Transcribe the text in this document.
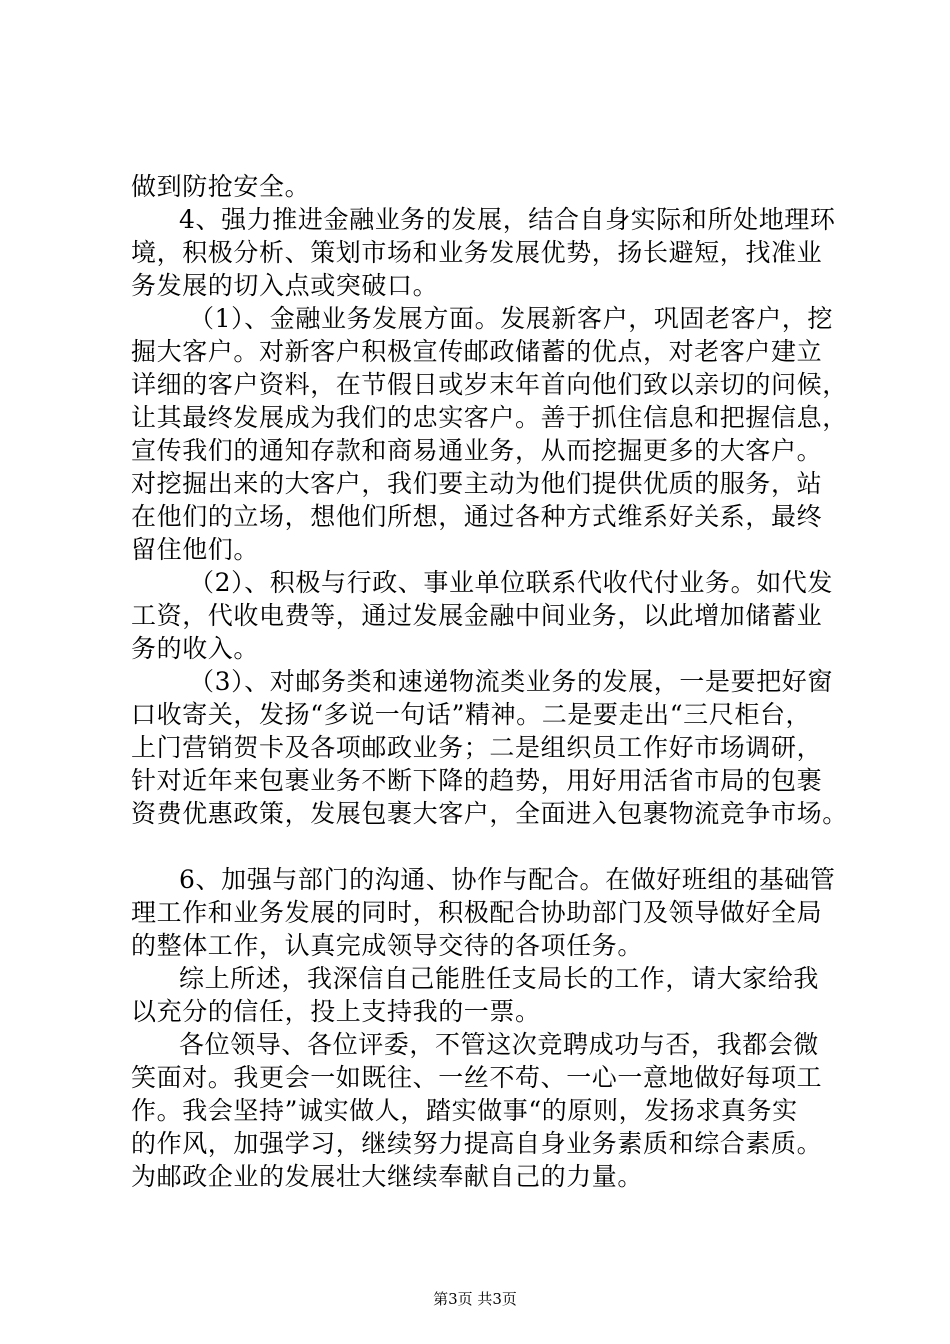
做到防抢安全。
4、强力推进金融业务的发展，结合自身实际和所处地理环
境，积极分析、策划市场和业务发展优势，扬长避短，找准业
务发展的切入点或突破口。
（1）、金融业务发展方面。发展新客户，巩固老客户，挖
掘大客户。对新客户积极宣传邮政储蓄的优点，对老客户建立
详细的客户资料，在节假日或岁末年首向他们致以亲切的问候，
让其最终发展成为我们的忠实客户。善于抓住信息和把握信息，
宣传我们的通知存款和商易通业务，从而挖掘更多的大客户。
对挖掘出来的大客户，我们要主动为他们提供优质的服务，站
在他们的立场，想他们所想，通过各种方式维系好关系，最终
留住他们。
（2）、积极与行政、事业单位联系代收代付业务。如代发
工资，代收电费等，通过发展金融中间业务，以此增加储蓄业
务的收入。
（3）、对邮务类和速递物流类业务的发展，一是要把好窗
口收寄关，发扬“多说一句话”精神。二是要走出“三尺柜台，
上门营销贺卡及各项邮政业务；二是组织员工作好市场调研，
针对近年来包裹业务不断下降的趋势，用好用活省市局的包裹
资费优惠政策，发展包裹大客户，全面进入包裹物流竞争市场。
6、加强与部门的沟通、协作与配合。在做好班组的基础管
理工作和业务发展的同时，积极配合协助部门及领导做好全局
的整体工作，认真完成领导交待的各项任务。
综上所述，我深信自己能胜任支局长的工作，请大家给我
以充分的信任，投上支持我的一票。
各位领导、各位评委，不管这次竞聘成功与否，我都会微
笑面对。我更会一如既往、一丝不苟、一心一意地做好每项工
作。我会坚持”诚实做人，踏实做事“的原则，发扬求真务实
的作风，加强学习，继续努力提高自身业务素质和综合素质。
为邮政企业的发展壮大继续奉献自己的力量。
第3页 共3页
